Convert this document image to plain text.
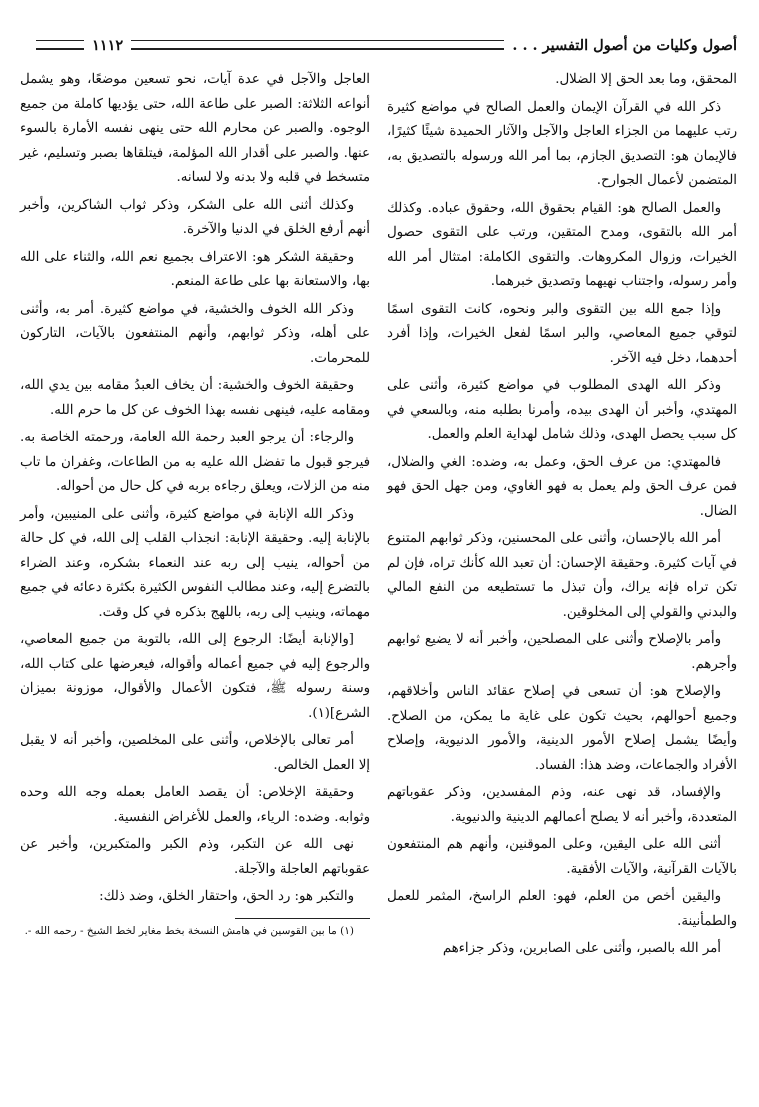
أصول وكليات من أصول التفسير . . .
١١١٢

المحقق، وما بعد الحق إلا الضلال.

ذكر الله في القرآن الإيمان والعمل الصالح في مواضع كثيرة رتب عليهما من الجزاء العاجل والآجل والآثار الحميدة شيئًا كثيرًا، فالإيمان هو: التصديق الجازم، بما أمر الله ورسوله بالتصديق به، المتضمن لأعمال الجوارح.

والعمل الصالح هو: القيام بحقوق الله، وحقوق عباده. وكذلك أمر الله بالتقوى، ومدح المتقين، ورتب على التقوى حصول الخيرات، وزوال المكروهات. والتقوى الكاملة: امتثال أمر الله وأمر رسوله، واجتناب نهيهما وتصديق خبرهما.

وإذا جمع الله بين التقوى والبر ونحوه، كانت التقوى اسمًا لتوقي جميع المعاصي، والبر اسمًا لفعل الخيرات، وإذا أفرد أحدهما، دخل فيه الآخر.

وذكر الله الهدى المطلوب في مواضع كثيرة، وأثنى على المهتدي، وأخبر أن الهدى بيده، وأمرنا بطلبه منه، وبالسعي في كل سبب يحصل الهدى، وذلك شامل لهداية العلم والعمل.

فالمهتدي: من عرف الحق، وعمل به، وضده: الغي والضلال، فمن عرف الحق ولم يعمل به فهو الغاوي، ومن جهل الحق فهو الضال.

أمر الله بالإحسان، وأثنى على المحسنين، وذكر ثوابهم المتنوع في آيات كثيرة. وحقيقة الإحسان: أن تعبد الله كأنك تراه، فإن لم تكن تراه فإنه يراك، وأن تبذل ما تستطيعه من النفع المالي والبدني والقولي إلى المخلوقين.

وأمر بالإصلاح وأثنى على المصلحين، وأخبر أنه لا يضيع ثوابهم وأجرهم.

والإصلاح هو: أن تسعى في إصلاح عقائد الناس وأخلاقهم، وجميع أحوالهم، بحيث تكون على غاية ما يمكن، من الصلاح. وأيضًا يشمل إصلاح الأمور الدينية، والأمور الدنيوية، وإصلاح الأفراد والجماعات، وضد هذا: الفساد.

والإفساد، قد نهى عنه، وذم المفسدين، وذكر عقوباتهم المتعددة، وأخبر أنه لا يصلح أعمالهم الدينية والدنيوية.

أثنى الله على اليقين، وعلى الموقنين، وأنهم هم المنتفعون بالآيات القرآنية، والآيات الأفقية.

واليقين أخص من العلم، فهو: العلم الراسخ، المثمر للعمل والطمأنينة.

أمر الله بالصبر، وأثنى على الصابرين، وذكر جزاءهم

العاجل والآجل في عدة آيات، نحو تسعين موضعًا، وهو يشمل أنواعه الثلاثة: الصبر على طاعة الله، حتى يؤديها كاملة من جميع الوجوه. والصبر عن محارم الله حتى ينهى نفسه الأمارة بالسوء عنها. والصبر على أقدار الله المؤلمة، فيتلقاها بصبر وتسليم، غير متسخط في قلبه ولا بدنه ولا لسانه.

وكذلك أثنى الله على الشكر، وذكر ثواب الشاكرين، وأخبر أنهم أرفع الخلق في الدنيا والآخرة.

وحقيقة الشكر هو: الاعتراف بجميع نعم الله، والثناء على الله بها، والاستعانة بها على طاعة المنعم.

وذكر الله الخوف والخشية، في مواضع كثيرة. أمر به، وأثنى على أهله، وذكر ثوابهم، وأنهم المنتفعون بالآيات، التاركون للمحرمات.

وحقيقة الخوف والخشية: أن يخاف العبدُ مقامه بين يدي الله، ومقامه عليه، فينهى نفسه بهذا الخوف عن كل ما حرم الله.

والرجاء: أن يرجو العبد رحمة الله العامة، ورحمته الخاصة به. فيرجو قبول ما تفضل الله عليه به من الطاعات، وغفران ما تاب منه من الزلات، ويعلق رجاءه بربه في كل حال من أحواله.

وذكر الله الإنابة في مواضع كثيرة، وأثنى على المنيبين، وأمر بالإنابة إليه. وحقيقة الإنابة: انجذاب القلب إلى الله، في كل حالة من أحواله، ينيب إلى ربه عند النعماء بشكره، وعند الضراء بالتضرع إليه، وعند مطالب النفوس الكثيرة بكثرة دعائه في جميع مهماته، وينيب إلى ربه، باللهج بذكره في كل وقت.

[والإنابة أيضًا: الرجوع إلى الله، بالتوبة من جميع المعاصي، والرجوع إليه في جميع أعماله وأقواله، فيعرضها على كتاب الله، وسنة رسوله ﷺ، فتكون الأعمال والأقوال، موزونة بميزان الشرع](١).

أمر تعالى بالإخلاص، وأثنى على المخلصين، وأخبر أنه لا يقبل إلا العمل الخالص.

وحقيقة الإخلاص: أن يقصد العامل بعمله وجه الله وحده وثوابه. وضده: الرياء، والعمل للأغراض النفسية.

نهى الله عن التكبر، وذم الكبر والمتكبرين، وأخبر عن عقوباتهم العاجلة والآجلة.

والتكبر هو: رد الحق، واحتقار الخلق، وضد ذلك:

(١) ما بين القوسين في هامش النسخة بخط مغاير لخط الشيخ - رحمه الله -.
